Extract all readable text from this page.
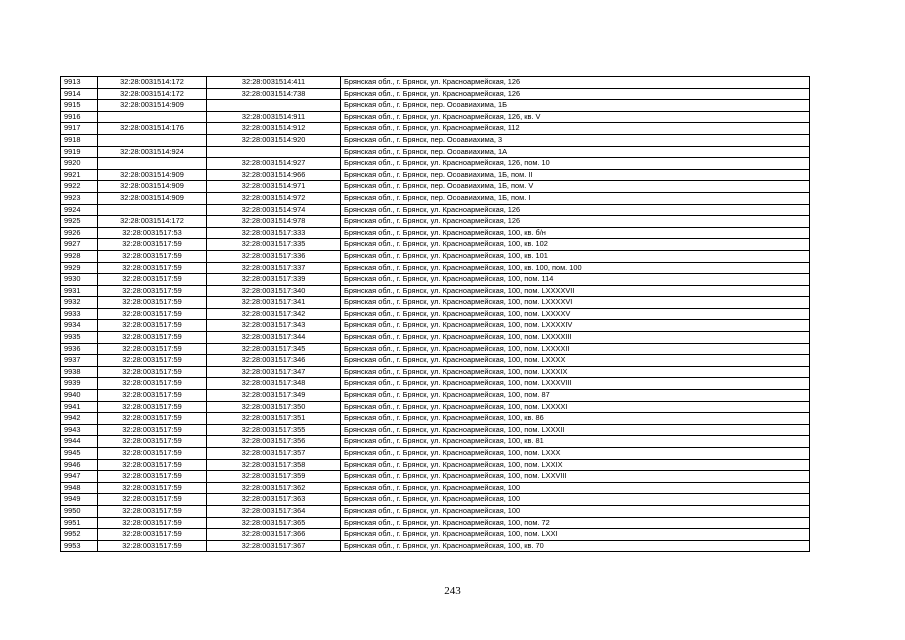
9913	32:28:0031514:172	32:28:0031514:411	Брянская обл., г. Брянск, ул. Красноармейская, 126
9914	32:28:0031514:172	32:28:0031514:738	Брянская обл., г. Брянск, ул. Красноармейская, 126
9915	32:28:0031514:909		Брянская обл., г. Брянск, пер. Осоавиахима, 1Б
9916		32:28:0031514:911	Брянская обл., г. Брянск, ул. Красноармейская, 126, кв. V
9917	32:28:0031514:176	32:28:0031514:912	Брянская обл., г. Брянск, ул. Красноармейская, 112
9918		32:28:0031514:920	Брянская обл., г. Брянск, пер. Осоавиахима, 3
9919	32:28:0031514:924		Брянская обл., г. Брянск, пер. Осоавиахима, 1А
9920		32:28:0031514:927	Брянская обл., г. Брянск, ул. Красноармейская, 126, пом. 10
9921	32:28:0031514:909	32:28:0031514:966	Брянская обл., г. Брянск, пер. Осоавиахима, 1Б, пом. II
9922	32:28:0031514:909	32:28:0031514:971	Брянская обл., г. Брянск, пер. Осоавиахима, 1Б, пом. V
9923	32:28:0031514:909	32:28:0031514:972	Брянская обл., г. Брянск, пер. Осоавиахима, 1Б, пом. I
9924		32:28:0031514:974	Брянская обл., г. Брянск, ул. Красноармейская, 126
9925	32:28:0031514:172	32:28:0031514:978	Брянская обл., г. Брянск, ул. Красноармейская, 126
9926	32:28:0031517:53	32:28:0031517:333	Брянская обл., г. Брянск, ул. Красноармейская, 100, кв. б/н
9927	32:28:0031517:59	32:28:0031517:335	Брянская обл., г. Брянск, ул. Красноармейская, 100, кв. 102
9928	32:28:0031517:59	32:28:0031517:336	Брянская обл., г. Брянск, ул. Красноармейская, 100, кв. 101
9929	32:28:0031517:59	32:28:0031517:337	Брянская обл., г. Брянск, ул. Красноармейская, 100, кв. 100, пом. 100
9930	32:28:0031517:59	32:28:0031517:339	Брянская обл., г. Брянск, ул. Красноармейская, 100, пом. 114
9931	32:28:0031517:59	32:28:0031517:340	Брянская обл., г. Брянск, ул. Красноармейская, 100, пом. LXXXXVII
9932	32:28:0031517:59	32:28:0031517:341	Брянская обл., г. Брянск, ул. Красноармейская, 100, пом. LXXXXVI
9933	32:28:0031517:59	32:28:0031517:342	Брянская обл., г. Брянск, ул. Красноармейская, 100, пом. LXXXXV
9934	32:28:0031517:59	32:28:0031517:343	Брянская обл., г. Брянск, ул. Красноармейская, 100, пом. LXXXXIV
9935	32:28:0031517:59	32:28:0031517:344	Брянская обл., г. Брянск, ул. Красноармейская, 100, пом. LXXXXIII
9936	32:28:0031517:59	32:28:0031517:345	Брянская обл., г. Брянск, ул. Красноармейская, 100, пом. LXXXXII
9937	32:28:0031517:59	32:28:0031517:346	Брянская обл., г. Брянск, ул. Красноармейская, 100, пом. LXXXX
9938	32:28:0031517:59	32:28:0031517:347	Брянская обл., г. Брянск, ул. Красноармейская, 100, пом. LXXXIX
9939	32:28:0031517:59	32:28:0031517:348	Брянская обл., г. Брянск, ул. Красноармейская, 100, пом. LXXXVIII
9940	32:28:0031517:59	32:28:0031517:349	Брянская обл., г. Брянск, ул. Красноармейская, 100, пом. 87
9941	32:28:0031517:59	32:28:0031517:350	Брянская обл., г. Брянск, ул. Красноармейская, 100, пом. LXXXXI
9942	32:28:0031517:59	32:28:0031517:351	Брянская обл., г. Брянск, ул. Красноармейская, 100, кв. 86
9943	32:28:0031517:59	32:28:0031517:355	Брянская обл., г. Брянск, ул. Красноармейская, 100, пом. LXXXII
9944	32:28:0031517:59	32:28:0031517:356	Брянская обл., г. Брянск, ул. Красноармейская, 100, кв. 81
9945	32:28:0031517:59	32:28:0031517:357	Брянская обл., г. Брянск, ул. Красноармейская, 100, пом. LXXX
9946	32:28:0031517:59	32:28:0031517:358	Брянская обл., г. Брянск, ул. Красноармейская, 100, пом. LXXIX
9947	32:28:0031517:59	32:28:0031517:359	Брянская обл., г. Брянск, ул. Красноармейская, 100, пом. LXXVIII
9948	32:28:0031517:59	32:28:0031517:362	Брянская обл., г. Брянск, ул. Красноармейская, 100
9949	32:28:0031517:59	32:28:0031517:363	Брянская обл., г. Брянск, ул. Красноармейская, 100
9950	32:28:0031517:59	32:28:0031517:364	Брянская обл., г. Брянск, ул. Красноармейская, 100
9951	32:28:0031517:59	32:28:0031517:365	Брянская обл., г. Брянск, ул. Красноармейская, 100, пом. 72
9952	32:28:0031517:59	32:28:0031517:366	Брянская обл., г. Брянск, ул. Красноармейская, 100, пом. LXXI
9953	32:28:0031517:59	32:28:0031517:367	Брянская обл., г. Брянск, ул. Красноармейская, 100, кв. 70
243
